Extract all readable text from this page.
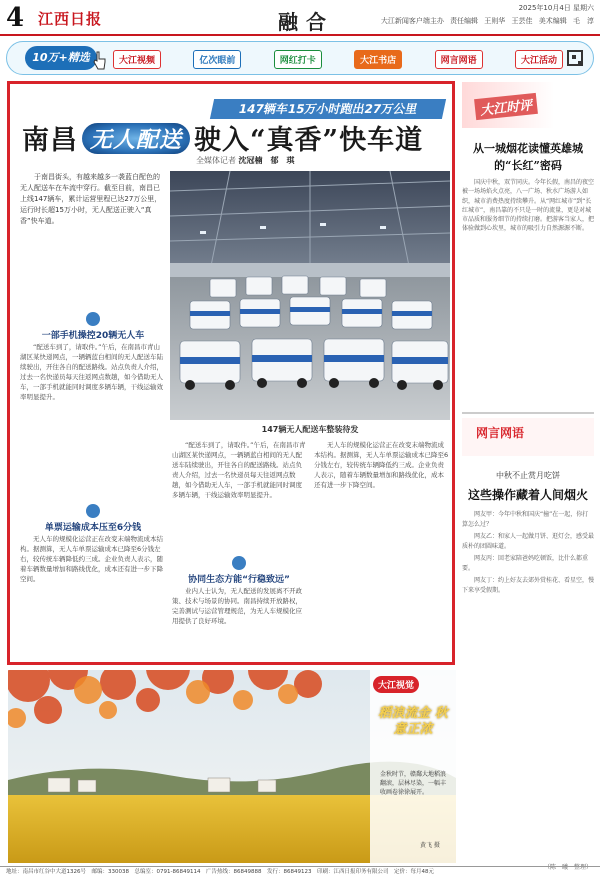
4 江西日报	融合
2025年10月4日 星期六
大江新闻客户端主办 责任编辑 王则华 王芸佳 美术编辑 毛　淳
10万+精选	大江视频	亿次眼前	网红打卡	大江书店	网言网语	大江活动
147辆车15万小时跑出27万公里
南昌 无人配送 驶入“真香”快车道
全媒体记者 沈冠楠　郁　琪
于南昌街头，有越来越多一袭蓝白配色的无人配送车在车流中穿行。截至目前，南昌已上线147辆车，累计运营里程已达27万公里，运行时长超15万小时，无人配送正驶入“真香”快车道。
147辆无人配送车整装待发
一部手机操控20辆无人车
“配送车到了，请取件。”午后，在南昌市青山湖区某快递网点，一辆辆蓝白相间的无人配送车陆续驶出，开往各自的配送路线。站点负责人介绍，过去一名快递员每天往返网点数趟，如今借助无人车，一部手机就能同时调度多辆车辆，干线运输效率明显提升。
单票运输成本压至6分钱
无人车的规模化运营正在改变末端物流成本结构。据测算，无人车单票运输成本已降至6分钱左右，较传统车辆降低约三成。企业负责人表示，随着车辆数量增加和路线优化，成本还有进一步下降空间。
“配送车到了，请取件。”午后，在南昌市青山湖区某快递网点，一辆辆蓝白相间的无人配送车陆续驶出，开往各自的配送路线。站点负责人介绍，过去一名快递员每天往返网点数趟，如今借助无人车，一部手机就能同时调度多辆车辆，干线运输效率明显提升。
无人车的规模化运营正在改变末端物流成本结构。据测算，无人车单票运输成本已降至6分钱左右，较传统车辆降低约三成。企业负责人表示，随着车辆数量增加和路线优化，成本还有进一步下降空间。
协同生态方能“行稳致远”
业内人士认为，无人配送的发展离不开政策、技术与场景的协同。南昌持续开放路权，完善测试与运营管理规范，为无人车规模化应用提供了良好环境。
大江时评
从一城烟花读懂英雄城的“长红”密码
国庆中秋，双节同庆。今年长假，南昌的夜空被一场场焰火点亮，八一广场、秋水广场游人如织，城市消费热度持续攀升。从“网红城市”到“长红城市”，南昌靠的不只是一时的流量，更是对城市品质和服务细节的持续打磨。把游客当家人，把体验做到心坎里，城市的吸引力自然源源不断。
网言网语
中秋不止赏月吃饼
这些操作藏着人间烟火

网友甲：今年中秋和国庆“撞”在一起，你打算怎么过？

网友乙：和家人一起做月饼、逛灯会，感受最质朴的团圆味道。

网友丙：回老家陪爸妈吃顿饭，比什么都重要。

网友丁：约上好友去郊外赏桂花、看星空，慢下来享受假期。

（陈　曦　整理）
大江视觉
稻浪流金 秋意正浓
金秋时节，赣鄱大地稻浪翻滚，层林尽染，一幅丰收画卷徐徐展开。
黄飞 摄
地址：南昌市红谷中大道1326号　邮编：330038　总编室：0791-86849114　广告热线：86849888　发行：86849123　印刷：江西日报印务有限公司　定价：每月48元
